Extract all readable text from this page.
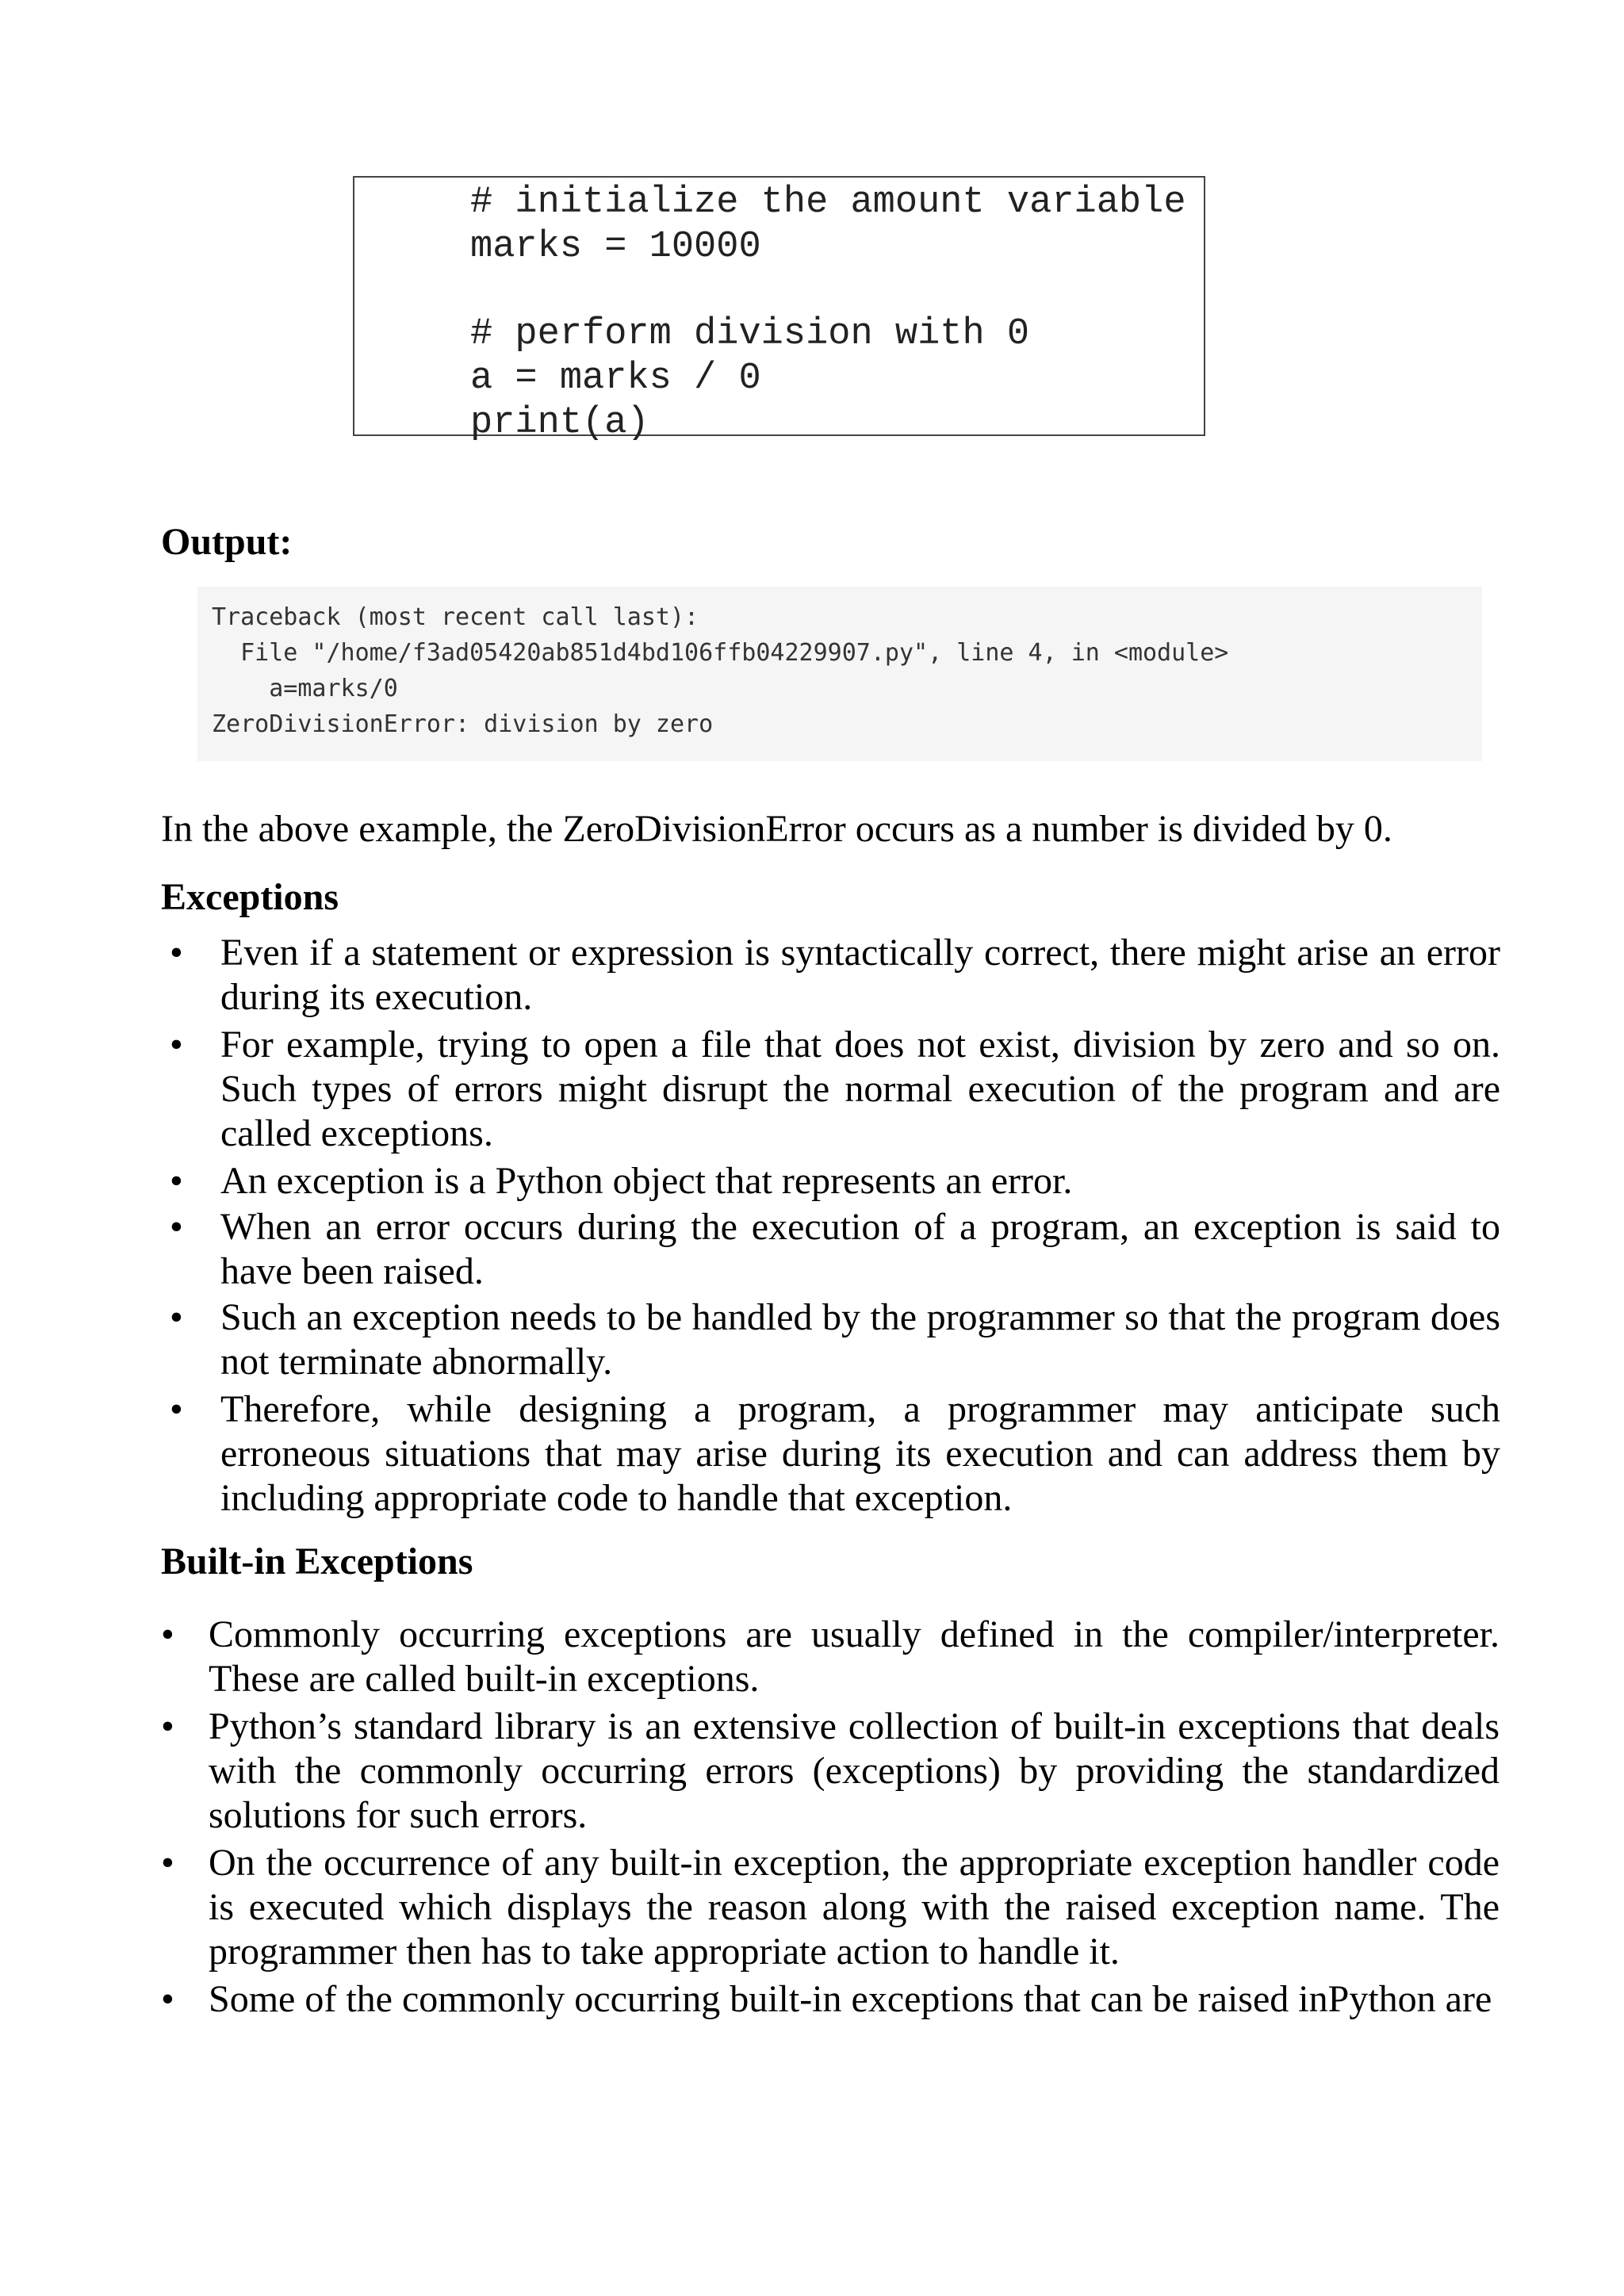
# initialize the amount variable
marks = 10000
# perform division with 0
a = marks / 0
print(a)
Output:
Traceback (most recent call last):
File "/home/f3ad05420ab851d4bd106ffb04229907.py", line 4, in <module>
a=marks/0
ZeroDivisionError: division by zero
In the above example, the ZeroDivisionError occurs as a number is divided by 0.
Exceptions
• Even if a statement or expression is syntactically correct, there might arise an error during its execution.
• For example, trying to open a file that does not exist, division by zero and so on. Such types of errors might disrupt the normal execution of the program and are called exceptions.
• An exception is a Python object that represents an error.
• When an error occurs during the execution of a program, an exception is said to have been raised.
• Such an exception needs to be handled by the programmer so that the program does not terminate abnormally.
• Therefore, while designing a program, a programmer may anticipate such erroneous situations that may arise during its execution and can address them by including appropriate code to handle that exception.
Built-in Exceptions
• Commonly occurring exceptions are usually defined in the compiler/interpreter. These are called built-in exceptions.
• Python’s standard library is an extensive collection of built-in exceptions that deals with the commonly occurring errors (exceptions) by providing the standardized solutions for such errors.
• On the occurrence of any built-in exception, the appropriate exception handler code is executed which displays the reason along with the raised exception name. The programmer then has to take appropriate action to handle it.
• Some of the commonly occurring built-in exceptions that can be raised inPython are
